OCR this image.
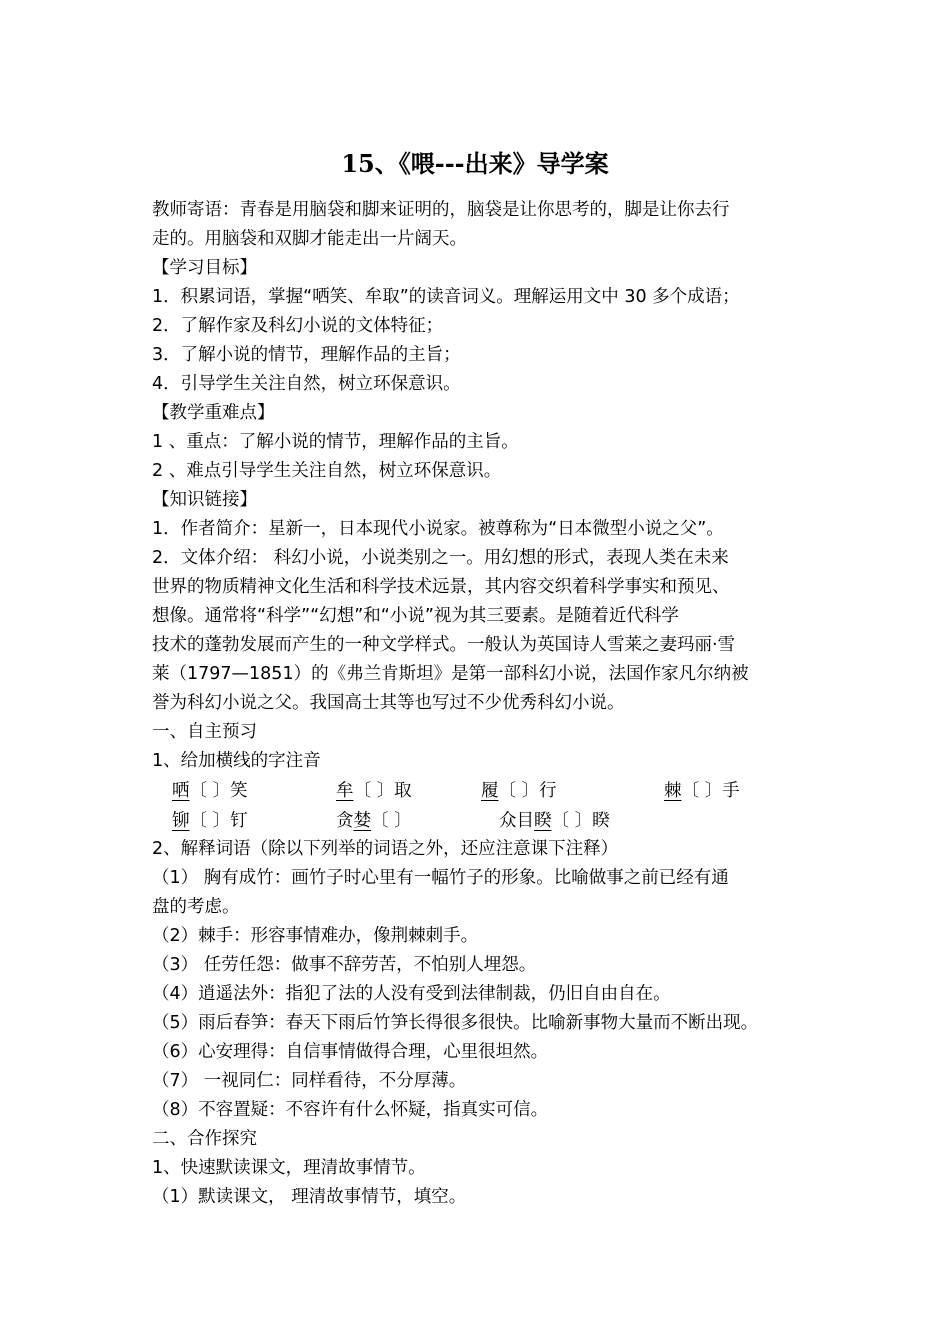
15、《喂---出来》导学案
教师寄语：青春是用脑袋和脚来证明的，脑袋是让你思考的，脚是让你去行
走的。用脑袋和双脚才能走出一片阔天。
【学习目标】
1．积累词语，掌握“哂笑、牟取”的读音词义。理解运用文中 30 多个成语；
2．了解作家及科幻小说的文体特征；
3．了解小说的情节，理解作品的主旨；
4．引导学生关注自然，树立环保意识。
【教学重难点】
1 、重点：了解小说的情节，理解作品的主旨。
2 、难点引导学生关注自然，树立环保意识。
【知识链接】
1．作者简介：星新一，日本现代小说家。被尊称为“日本微型小说之父”。
2．文体介绍： 科幻小说，小说类别之一。用幻想的形式，表现人类在未来
世界的物质精神文化生活和科学技术远景，其内容交织着科学事实和预见、
想像。通常将“科学”“幻想”和“小说”视为其三要素。是随着近代科学
技术的蓬勃发展而产生的一种文学样式。一般认为英国诗人雪莱之妻玛丽·雪
莱（1797—1851）的《弗兰肯斯坦》是第一部科幻小说，法国作家凡尔纳被
誉为科幻小说之父。我国高士其等也写过不少优秀科幻小说。
一、自主预习
1、给加横线的字注音
哂〔 〕笑	牟〔 〕取	履〔 〕行	棘〔 〕手
铆〔 〕钉	贪婪〔 〕	众目睽〔 〕睽
2、解释词语（除以下列举的词语之外，还应注意课下注释）
（1） 胸有成竹：画竹子时心里有一幅竹子的形象。比喻做事之前已经有通
盘的考虑。
（2）棘手：形容事情难办，像荆棘刺手。
（3） 任劳任怨：做事不辞劳苦，不怕别人埋怨。
（4）逍遥法外：指犯了法的人没有受到法律制裁，仍旧自由自在。
（5）雨后春笋：春天下雨后竹笋长得很多很快。比喻新事物大量而不断出现。
（6）心安理得：自信事情做得合理，心里很坦然。
（7） 一视同仁：同样看待，不分厚薄。
（8）不容置疑：不容许有什么怀疑，指真实可信。
二、合作探究
1、快速默读课文，理清故事情节。
（1）默读课文， 理清故事情节，填空。
